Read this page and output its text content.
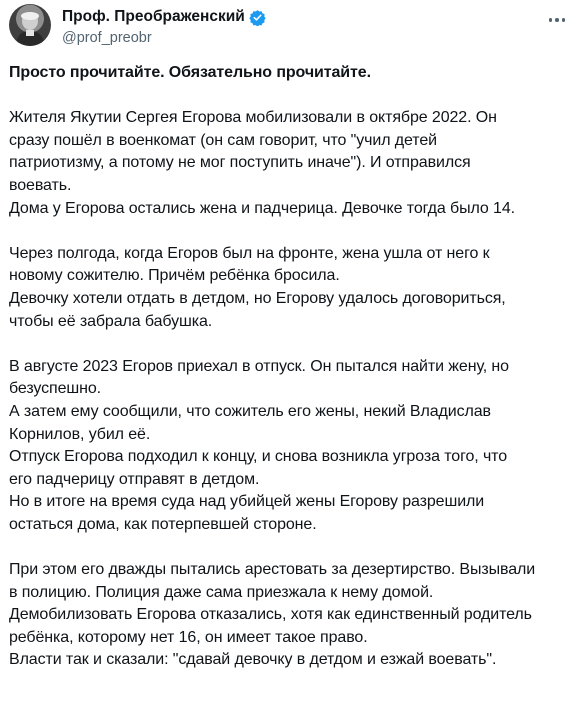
Проф. Преображенский
@prof_preobr
Просто прочитайте. Обязательно прочитайте.
Жителя Якутии Сергея Егорова мобилизовали в октябре 2022. Он
сразу пошёл в военкомат (он сам говорит, что "учил детей
патриотизму, а потому не мог поступить иначе"). И отправился
воевать.
Дома у Егорова остались жена и падчерица. Девочке тогда было 14.
Через полгода, когда Егоров был на фронте, жена ушла от него к
новому сожителю. Причём ребёнка бросила.
Девочку хотели отдать в детдом, но Егорову удалось договориться,
чтобы её забрала бабушка.
В августе 2023 Егоров приехал в отпуск. Он пытался найти жену, но
безуспешно.
А затем ему сообщили, что сожитель его жены, некий Владислав
Корнилов, убил её.
Отпуск Егорова подходил к концу, и снова возникла угроза того, что
его падчерицу отправят в детдом.
Но в итоге на время суда над убийцей жены Егорову разрешили
остаться дома, как потерпевшей стороне.
При этом его дважды пытались арестовать за дезертирство. Вызывали
в полицию. Полиция даже сама приезжала к нему домой.
Демобилизовать Егорова отказались, хотя как единственный родитель
ребёнка, которому нет 16, он имеет такое право.
Власти так и сказали: "сдавай девочку в детдом и езжай воевать".
